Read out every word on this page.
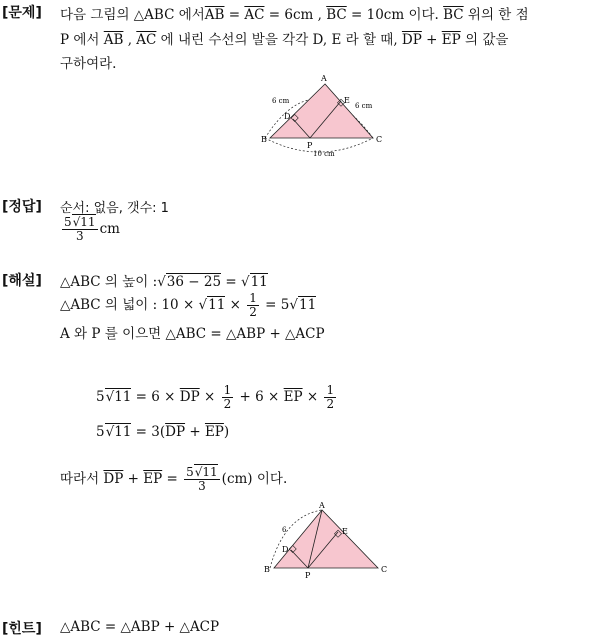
[문제] 다음 그림의 △ABC 에서$\overline{AB} = \overline{AC} = 6cm$ , $\overline{BC} = 10cm$ 이다. $\overline{BC}$ 위의 한 점
P 에서 $\overline{AB}$ , $\overline{AC}$ 에 내린 수선의 발을 각각 D, E 라 할 때, $\overline{DP} + \overline{EP}$ 의 값을
구하여라.
A
B	C
D
E
P
6 cm
6 cm
10 cm
[정답] 순서: 없음, 갯수: 1
$\frac{5√11}{3}$ cm
[해설] △ABC 의 높이 :√36 − 25 = √11
△ABC 의 넓이 : $10 \times √11 \times \frac{1}{2} = 5√11$
A 와 P 를 이으면 △ABC = △ABP + △ACP
$5√11 = 6 \times \overline{DP} \times \frac{1}{2} + 6 \times \overline{EP} \times \frac{1}{2}$
$5√11 = 3(\overline{DP} + \overline{EP})$
따라서 $\overline{DP} + \overline{EP} = \frac{5√11}{3} (cm)$ 이다.
A
B	C
D
E
P
6
[힌트] △ABC = △ABP + △ACP
